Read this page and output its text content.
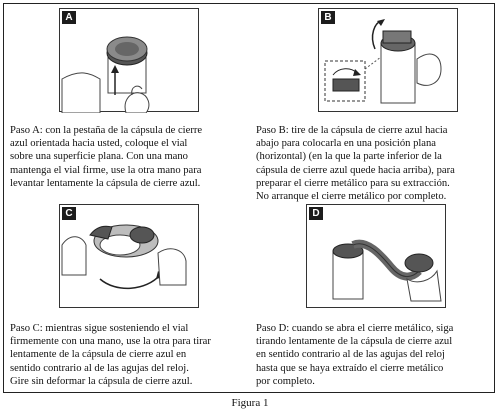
A
Paso A: con la pestaña de la cápsula de cierre
azul orientada hacia usted, coloque el vial
sobre una superficie plana. Con una mano
mantenga el vial firme, use la otra mano para
levantar lentamente la cápsula de cierre azul.
B
Paso B: tire de la cápsula de cierre azul hacia
abajo para colocarla en una posición plana
(horizontal) (en la que la parte inferior de la
cápsula de cierre azul quede hacia arriba), para
preparar el cierre metálico para su extracción.
No arranque el cierre metálico por completo.
C
Paso C: mientras sigue sosteniendo el vial
firmemente con una mano, use la otra para tirar
lentamente de la cápsula de cierre azul en
sentido contrario al de las agujas del reloj.
Gire sin deformar la cápsula de cierre azul.
D
Paso D: cuando se abra el cierre metálico, siga
tirando lentamente de la cápsula de cierre azul
en sentido contrario al de las agujas del reloj
hasta que se haya extraído el cierre metálico
por completo.
Figura 1
